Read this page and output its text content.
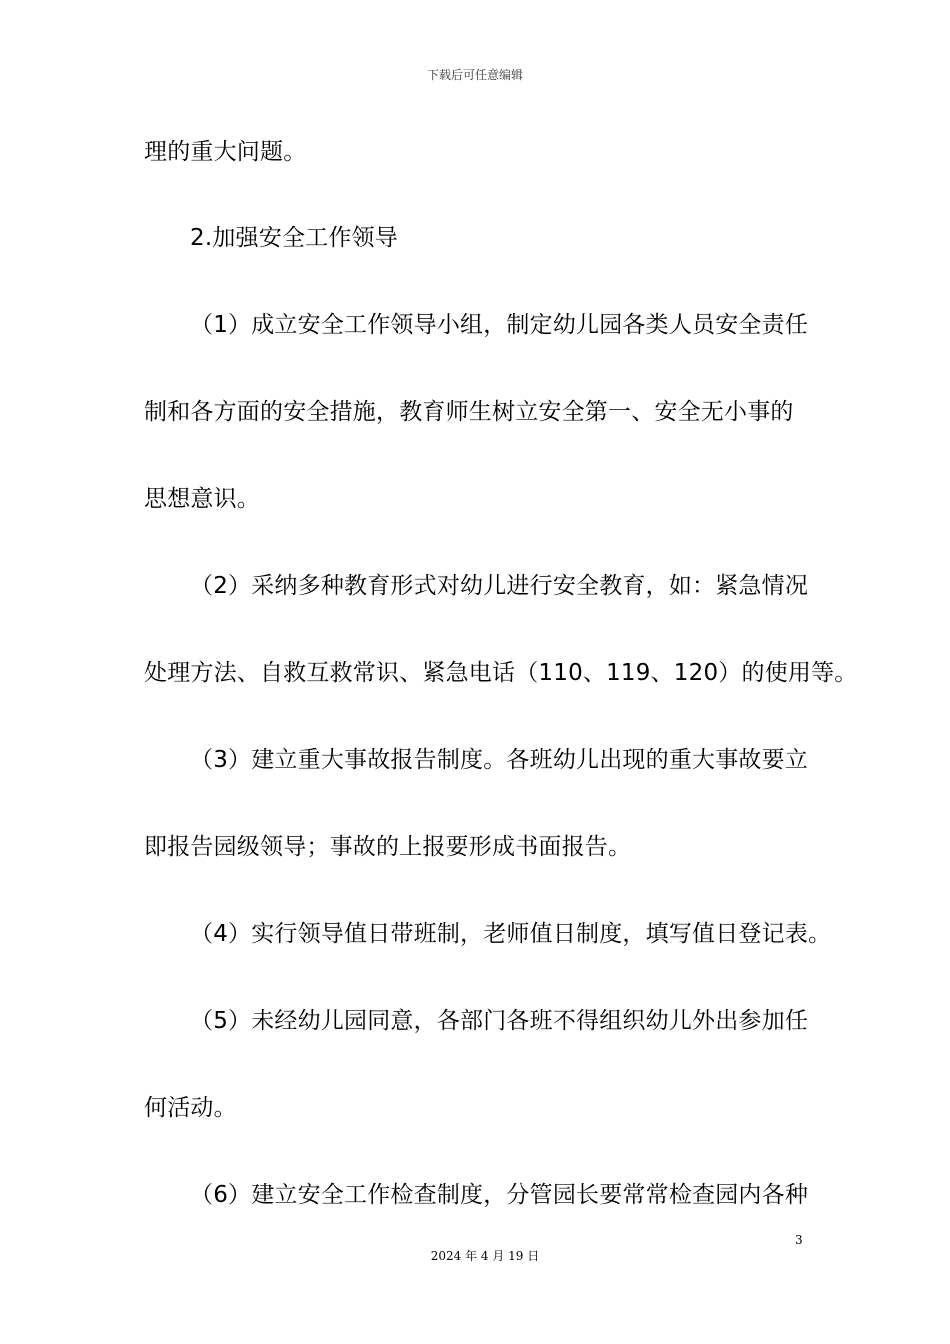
下载后可任意编辑
理的重大问题。
2.加强安全工作领导
（1）成立安全工作领导小组，制定幼儿园各类人员安全责任
制和各方面的安全措施，教育师生树立安全第一、安全无小事的
思想意识。
（2）采纳多种教育形式对幼儿进行安全教育，如：紧急情况
处理方法、自救互救常识、紧急电话（110、119、120）的使用等。
（3）建立重大事故报告制度。各班幼儿出现的重大事故要立
即报告园级领导；事故的上报要形成书面报告。
（4）实行领导值日带班制，老师值日制度，填写值日登记表。
（5）未经幼儿园同意，各部门各班不得组织幼儿外出参加任
何活动。
（6）建立安全工作检查制度，分管园长要常常检查园内各种
3
2024 年 4 月 19 日
